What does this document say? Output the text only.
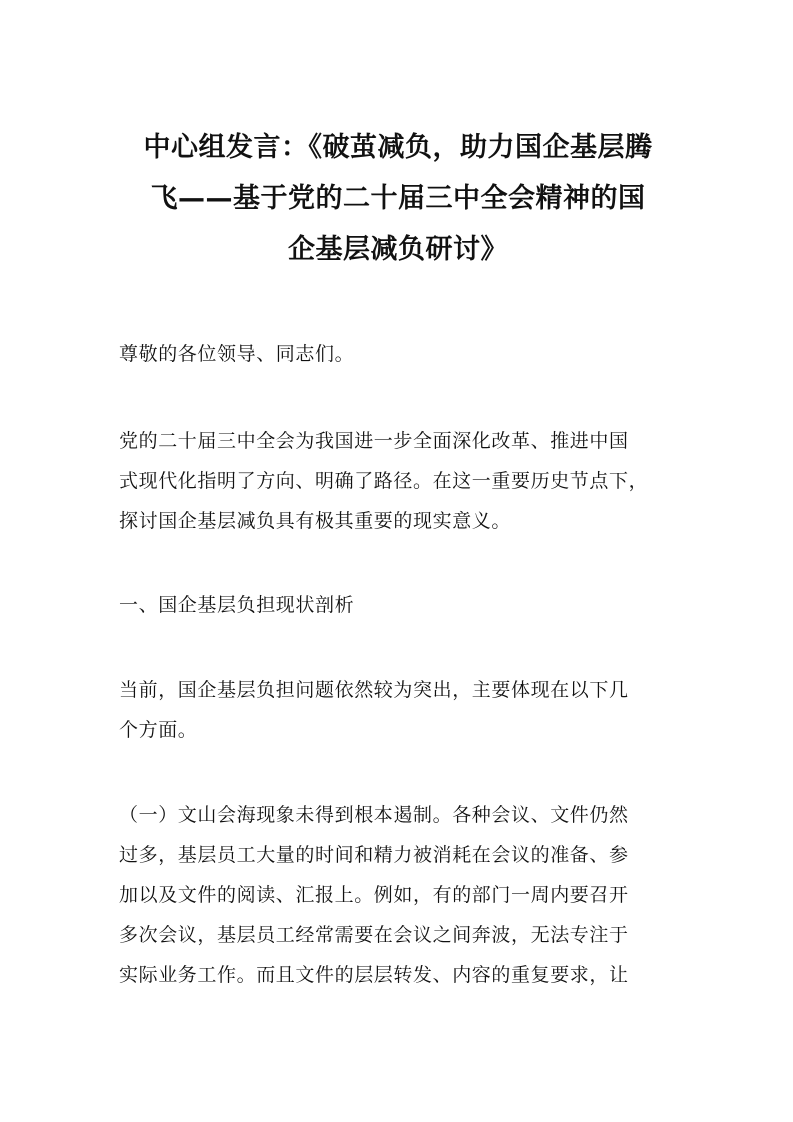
中心组发言：《破茧减负，助力国企基层腾
飞——基于党的二十届三中全会精神的国
企基层减负研讨》

尊敬的各位领导、同志们。

党的二十届三中全会为我国进一步全面深化改革、推进中国
式现代化指明了方向、明确了路径。在这一重要历史节点下，
探讨国企基层减负具有极其重要的现实意义。

一、国企基层负担现状剖析

当前，国企基层负担问题依然较为突出，主要体现在以下几
个方面。

（一）文山会海现象未得到根本遏制。各种会议、文件仍然
过多，基层员工大量的时间和精力被消耗在会议的准备、参
加以及文件的阅读、汇报上。例如，有的部门一周内要召开
多次会议，基层员工经常需要在会议之间奔波，无法专注于
实际业务工作。而且文件的层层转发、内容的重复要求，让
